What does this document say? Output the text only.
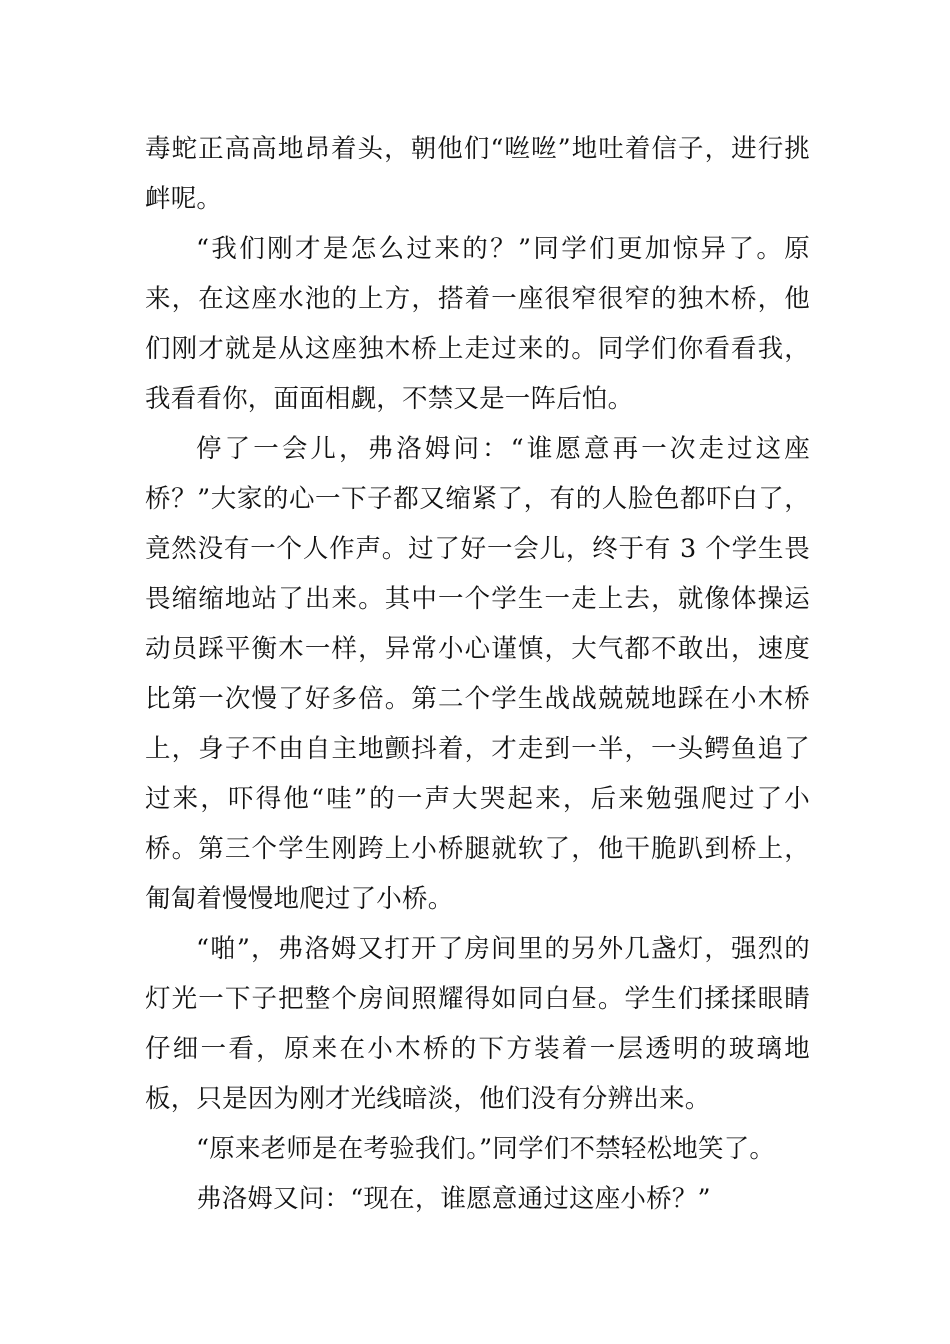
毒蛇正高高地昂着头，朝他们“咝咝”地吐着信子，进行挑衅呢。

“我们刚才是怎么过来的？”同学们更加惊异了。原来，在这座水池的上方，搭着一座很窄很窄的独木桥，他们刚才就是从这座独木桥上走过来的。同学们你看看我，我看看你，面面相觑，不禁又是一阵后怕。

停了一会儿，弗洛姆问：“谁愿意再一次走过这座桥？”大家的心一下子都又缩紧了，有的人脸色都吓白了，竟然没有一个人作声。过了好一会儿，终于有 3 个学生畏畏缩缩地站了出来。其中一个学生一走上去，就像体操运动员踩平衡木一样，异常小心谨慎，大气都不敢出，速度比第一次慢了好多倍。第二个学生战战兢兢地踩在小木桥上，身子不由自主地颤抖着，才走到一半，一头鳄鱼追了过来，吓得他“哇”的一声大哭起来，后来勉强爬过了小桥。第三个学生刚跨上小桥腿就软了，他干脆趴到桥上，匍匐着慢慢地爬过了小桥。

“啪”，弗洛姆又打开了房间里的另外几盏灯，强烈的灯光一下子把整个房间照耀得如同白昼。学生们揉揉眼睛仔细一看，原来在小木桥的下方装着一层透明的玻璃地板，只是因为刚才光线暗淡，他们没有分辨出来。

“原来老师是在考验我们。”同学们不禁轻松地笑了。

弗洛姆又问：“现在，谁愿意通过这座小桥？”
